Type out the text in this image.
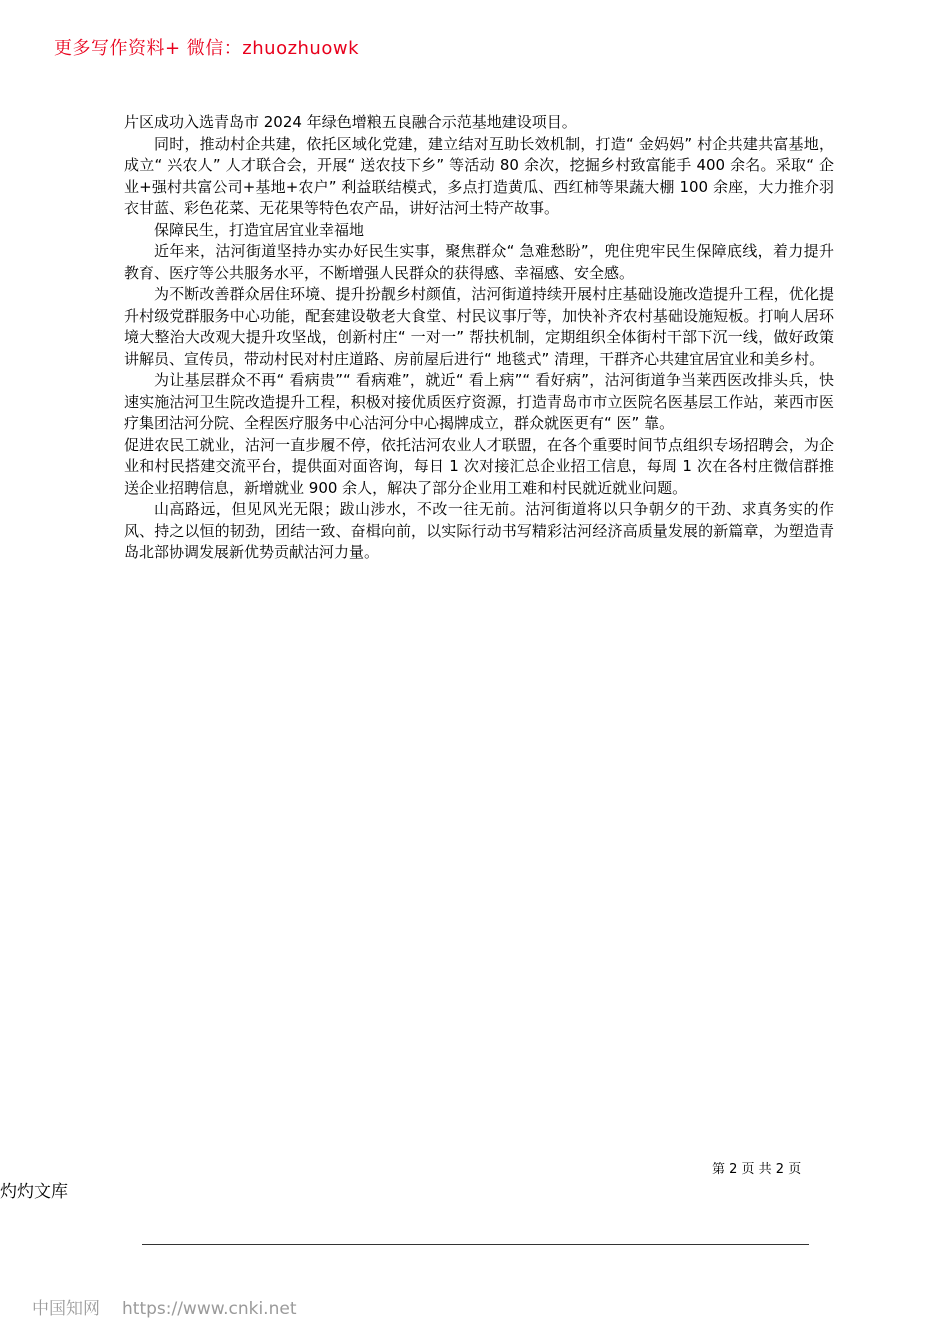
更多写作资料+ 微信：zhuozhuowk

片区成功入选青岛市 2024 年绿色增粮五良融合示范基地建设项目。

同时，推动村企共建，依托区域化党建，建立结对互助长效机制，打造“ 金妈妈” 村企共建共富基地，成立“ 兴农人” 人才联合会，开展“ 送农技下乡” 等活动 80 余次，挖掘乡村致富能手 400 余名。采取“ 企业+强村共富公司+基地+农户” 利益联结模式，多点打造黄瓜、西红柿等果蔬大棚 100 余座，大力推介羽衣甘蓝、彩色花菜、无花果等特色农产品，讲好沽河土特产故事。

保障民生，打造宜居宜业幸福地

近年来，沽河街道坚持办实办好民生实事，聚焦群众“ 急难愁盼”，兜住兜牢民生保障底线，着力提升教育、医疗等公共服务水平，不断增强人民群众的获得感、幸福感、安全感。

为不断改善群众居住环境、提升扮靓乡村颜值，沽河街道持续开展村庄基础设施改造提升工程，优化提升村级党群服务中心功能，配套建设敬老大食堂、村民议事厅等，加快补齐农村基础设施短板。打响人居环境大整治大改观大提升攻坚战，创新村庄“ 一对一” 帮扶机制，定期组织全体街村干部下沉一线，做好政策讲解员、宣传员，带动村民对村庄道路、房前屋后进行“ 地毯式” 清理，干群齐心共建宜居宜业和美乡村。

为让基层群众不再“ 看病贵”“ 看病难”，就近“ 看上病”“ 看好病”，沽河街道争当莱西医改排头兵，快速实施沽河卫生院改造提升工程，积极对接优质医疗资源，打造青岛市市立医院名医基层工作站，莱西市医疗集团沽河分院、全程医疗服务中心沽河分中心揭牌成立，群众就医更有“ 医” 靠。

促进农民工就业，沽河一直步履不停，依托沽河农业人才联盟，在各个重要时间节点组织专场招聘会，为企业和村民搭建交流平台，提供面对面咨询，每日 1 次对接汇总企业招工信息，每周 1 次在各村庄微信群推送企业招聘信息，新增就业 900 余人，解决了部分企业用工难和村民就近就业问题。

山高路远，但见风光无限；跋山涉水，不改一往无前。沽河街道将以只争朝夕的干劲、求真务实的作风、持之以恒的韧劲，团结一致、奋楫向前，以实际行动书写精彩沽河经济高质量发展的新篇章，为塑造青岛北部协调发展新优势贡献沽河力量。

第 2 页 共 2 页
灼灼文库
中国知网 https://www.cnki.net
